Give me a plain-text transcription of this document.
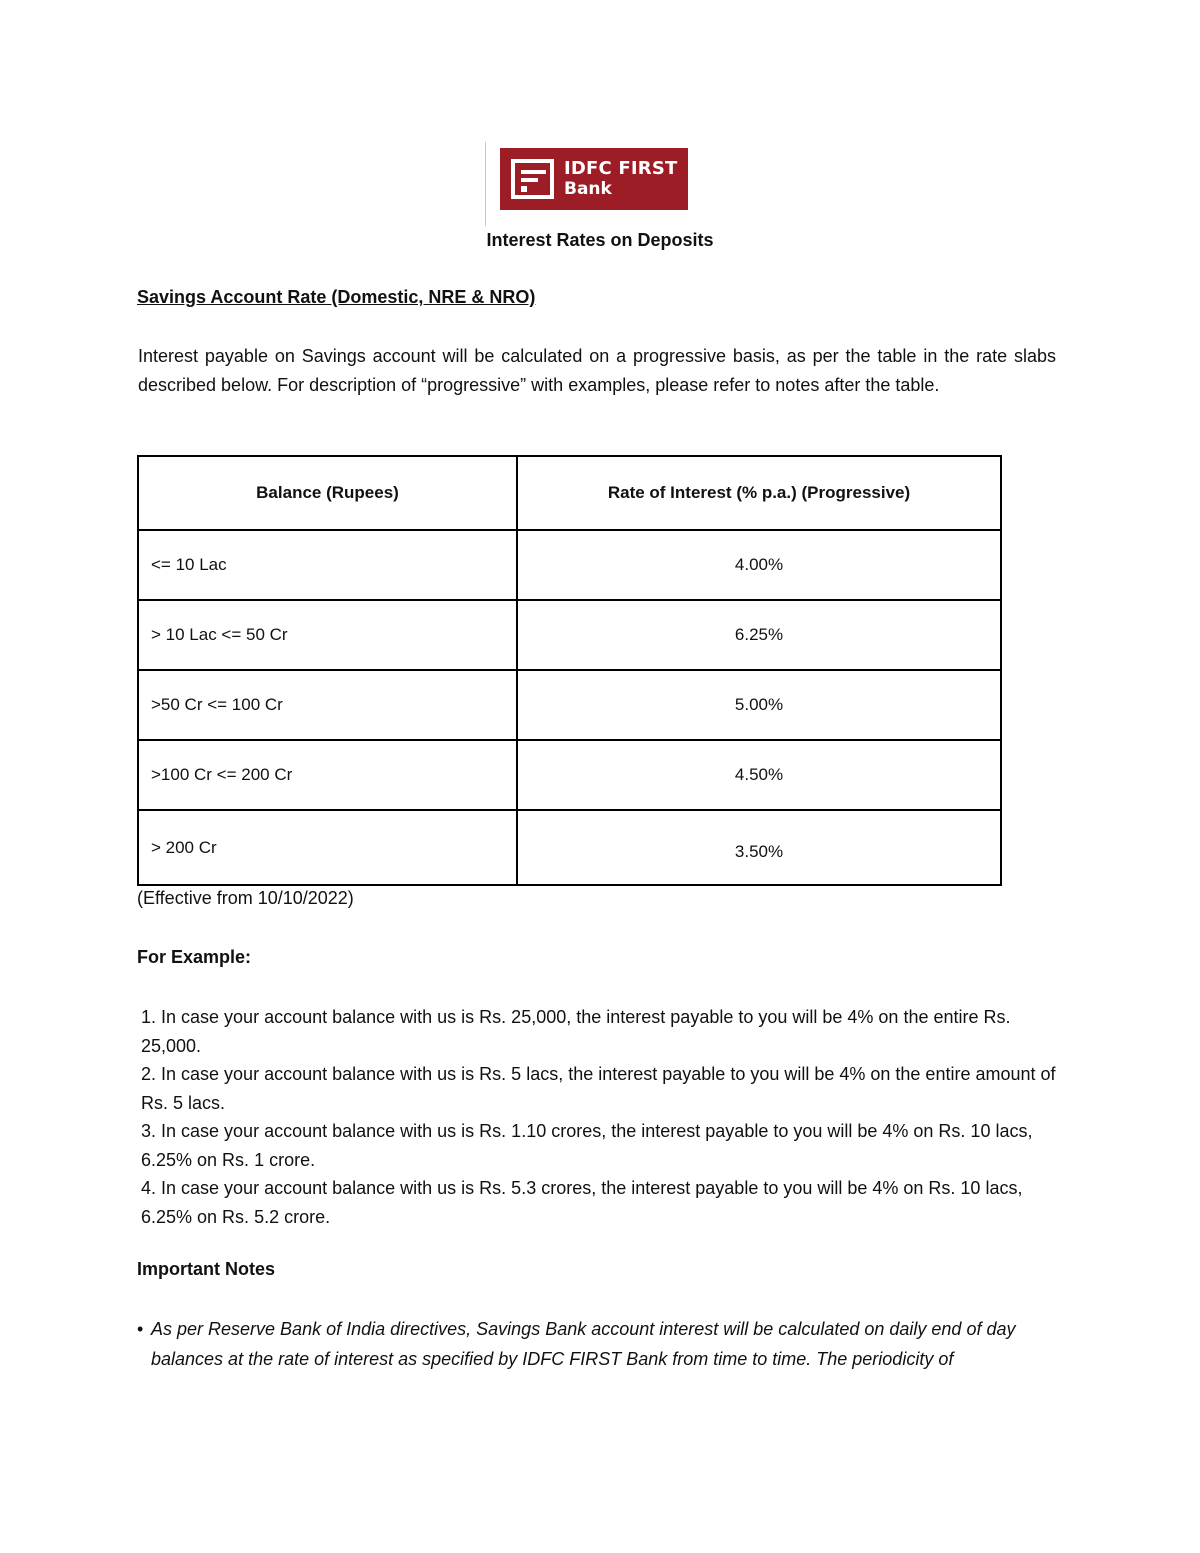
IDFC FIRST
Bank
Interest Rates on Deposits
Savings Account Rate (Domestic, NRE & NRO)

Interest payable on Savings account will be calculated on a progressive basis, as per the table in the rate slabs described below. For description of “progressive” with examples, please refer to notes after the table.

Balance (Rupees)	Rate of Interest (% p.a.) (Progressive)
<= 10 Lac	4.00%
> 10 Lac <= 50 Cr	6.25%
>50 Cr <= 100 Cr	5.00%
>100 Cr <= 200 Cr	4.50%
> 200 Cr	3.50%
(Effective from 10/10/2022)
For Example:

1. In case your account balance with us is Rs. 25,000, the interest payable to you will be 4% on the entire Rs. 25,000.

2. In case your account balance with us is Rs. 5 lacs, the interest payable to you will be 4% on the entire amount of Rs. 5 lacs.

3. In case your account balance with us is Rs. 1.10 crores, the interest payable to you will be 4% on Rs. 10 lacs, 6.25% on Rs. 1 crore.

4. In case your account balance with us is Rs. 5.3 crores, the interest payable to you will be 4% on Rs. 10 lacs, 6.25% on Rs. 5.2 crore.

Important Notes
• As per Reserve Bank of India directives, Savings Bank account interest will be calculated on daily end of day balances at the rate of interest as specified by IDFC FIRST Bank from time to time. The periodicity of
